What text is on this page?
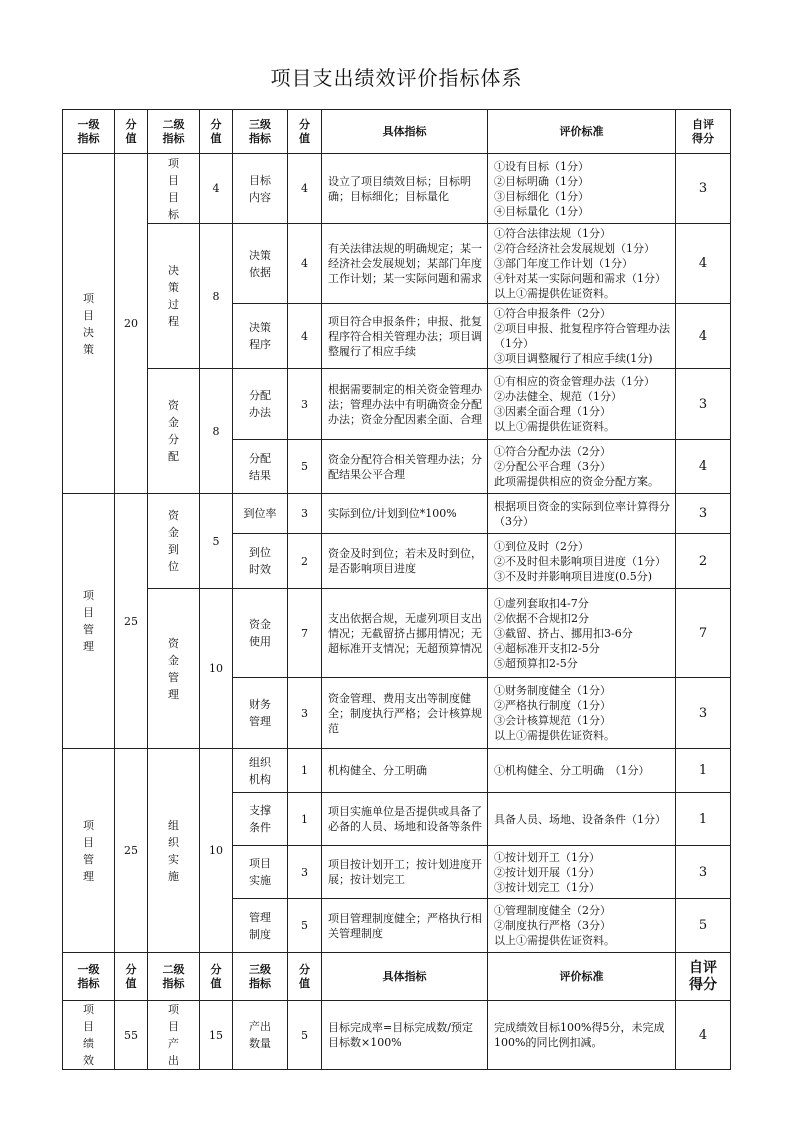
项目支出绩效评价指标体系
一级
指标	分
值	二级
指标	分
值	三级
指标	分
值	具体指标	评价标准	自评
得分
项目决策	20	项目目标	4	目标内容	4	设立了项目绩效目标；目标明确；目标细化；目标量化	①设有目标（1分）
②目标明确（1分）
③目标细化（1分）
④目标量化（1分）	3
		决策过程	8	决策依据	4	有关法律法规的明确规定；某一经济社会发展规划；某部门年度工作计划；某一实际问题和需求	①符合法律法规（1分）
②符合经济社会发展规划（1分）
③部门年度工作计划（1分）
④针对某一实际问题和需求（1分）
以上①需提供佐证资料。	4
				决策程序	4	项目符合申报条件；申报、批复程序符合相关管理办法；项目调整履行了相应手续	①符合申报条件（2分）
②项目申报、批复程序符合管理办法（1分）
③项目调整履行了相应手续(1分)	4
		资金分配	8	分配办法	3	根据需要制定的相关资金管理办法；管理办法中有明确资金分配办法；资金分配因素全面、合理	①有相应的资金管理办法（1分）
②办法健全、规范（1分）
③因素全面合理（1分）
以上①需提供佐证资料。	3
				分配结果	5	资金分配符合相关管理办法；分配结果公平合理	①符合分配办法（2分）
②分配公平合理（3分）
此项需提供相应的资金分配方案。	4
项目管理	25	资金到位	5	到位率	3	实际到位/计划到位*100%	根据项目资金的实际到位率计算得分（3分）	3
				到位时效	2	资金及时到位；若未及时到位，是否影响项目进度	①到位及时（2分）
②不及时但未影响项目进度（1分）
③不及时并影响项目进度(0.5分)	2
		资金管理	10	资金使用	7	支出依据合规，无虚列项目支出情况；无截留挤占挪用情况；无超标准开支情况；无超预算情况	①虚列套取扣4-7分
②依据不合规扣2分
③截留、挤占、挪用扣3-6分
④超标准开支扣2-5分
⑤超预算扣2-5分	7
				财务管理	3	资金管理、费用支出等制度健全；制度执行严格；会计核算规范	①财务制度健全（1分）
②严格执行制度（1分）
③会计核算规范（1分）
以上①需提供佐证资料。	3
项目管理	25	组织实施	10	组织机构	1	机构健全、分工明确	①机构健全、分工明确　（1分）	1
				支撑条件	1	项目实施单位是否提供或具备了必备的人员、场地和设备等条件	具备人员、场地、设备条件（1分）	1
				项目实施	3	项目按计划开工；按计划进度开展；按计划完工	①按计划开工（1分）
②按计划开展（1分）
③按计划完工（1分）	3
				管理制度	5	项目管理制度健全；严格执行相关管理制度	①管理制度健全（2分）
②制度执行严格（3分）
以上①需提供佐证资料。	5
一级
指标	分
值	二级
指标	分
值	三级
指标	分
值	具体指标	评价标准	自评
得分
项目绩效	55	项目产出	15	产出数量	5	目标完成率=目标完成数/预定目标数×100%	完成绩效目标100%得5分，未完成100%的同比例扣减。	4
